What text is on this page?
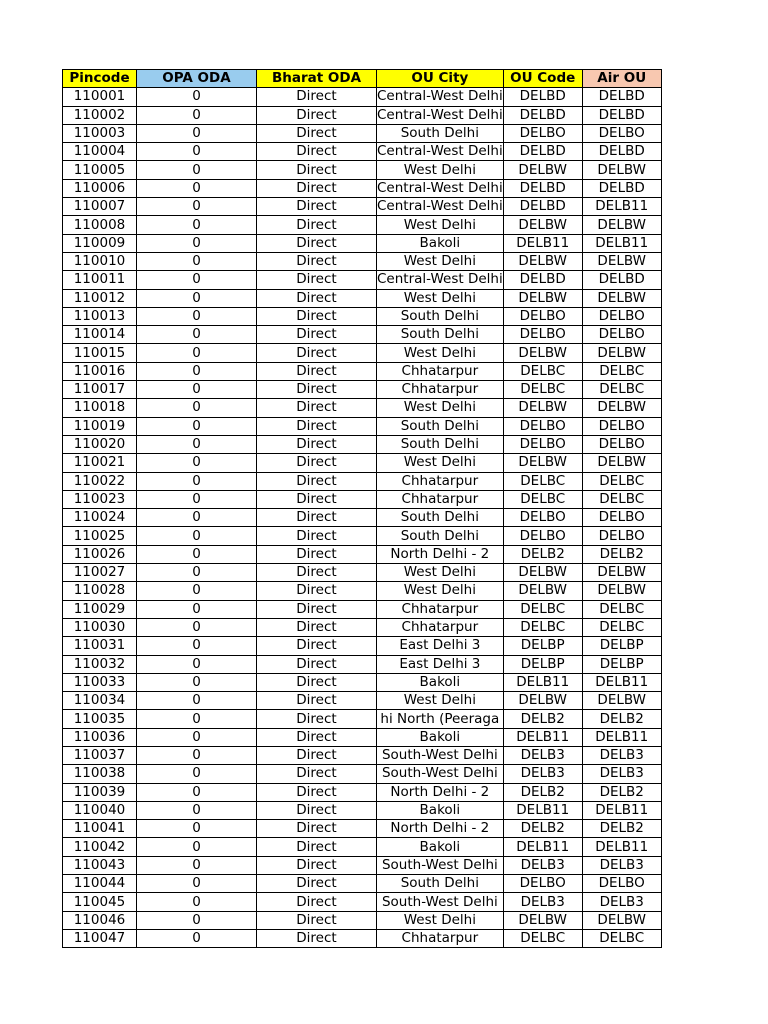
Pincode	OPA ODA	Bharat ODA	OU City	OU Code	Air OU
110001	0	Direct	Central-West Delhi	DELBD	DELBD
110002	0	Direct	Central-West Delhi	DELBD	DELBD
110003	0	Direct	South Delhi	DELBO	DELBO
110004	0	Direct	Central-West Delhi	DELBD	DELBD
110005	0	Direct	West Delhi	DELBW	DELBW
110006	0	Direct	Central-West Delhi	DELBD	DELBD
110007	0	Direct	Central-West Delhi	DELBD	DELB11
110008	0	Direct	West Delhi	DELBW	DELBW
110009	0	Direct	Bakoli	DELB11	DELB11
110010	0	Direct	West Delhi	DELBW	DELBW
110011	0	Direct	Central-West Delhi	DELBD	DELBD
110012	0	Direct	West Delhi	DELBW	DELBW
110013	0	Direct	South Delhi	DELBO	DELBO
110014	0	Direct	South Delhi	DELBO	DELBO
110015	0	Direct	West Delhi	DELBW	DELBW
110016	0	Direct	Chhatarpur	DELBC	DELBC
110017	0	Direct	Chhatarpur	DELBC	DELBC
110018	0	Direct	West Delhi	DELBW	DELBW
110019	0	Direct	South Delhi	DELBO	DELBO
110020	0	Direct	South Delhi	DELBO	DELBO
110021	0	Direct	West Delhi	DELBW	DELBW
110022	0	Direct	Chhatarpur	DELBC	DELBC
110023	0	Direct	Chhatarpur	DELBC	DELBC
110024	0	Direct	South Delhi	DELBO	DELBO
110025	0	Direct	South Delhi	DELBO	DELBO
110026	0	Direct	North Delhi - 2	DELB2	DELB2
110027	0	Direct	West Delhi	DELBW	DELBW
110028	0	Direct	West Delhi	DELBW	DELBW
110029	0	Direct	Chhatarpur	DELBC	DELBC
110030	0	Direct	Chhatarpur	DELBC	DELBC
110031	0	Direct	East Delhi 3	DELBP	DELBP
110032	0	Direct	East Delhi 3	DELBP	DELBP
110033	0	Direct	Bakoli	DELB11	DELB11
110034	0	Direct	West Delhi	DELBW	DELBW
110035	0	Direct	hi North (Peeraga	DELB2	DELB2
110036	0	Direct	Bakoli	DELB11	DELB11
110037	0	Direct	South-West Delhi	DELB3	DELB3
110038	0	Direct	South-West Delhi	DELB3	DELB3
110039	0	Direct	North Delhi - 2	DELB2	DELB2
110040	0	Direct	Bakoli	DELB11	DELB11
110041	0	Direct	North Delhi - 2	DELB2	DELB2
110042	0	Direct	Bakoli	DELB11	DELB11
110043	0	Direct	South-West Delhi	DELB3	DELB3
110044	0	Direct	South Delhi	DELBO	DELBO
110045	0	Direct	South-West Delhi	DELB3	DELB3
110046	0	Direct	West Delhi	DELBW	DELBW
110047	0	Direct	Chhatarpur	DELBC	DELBC
